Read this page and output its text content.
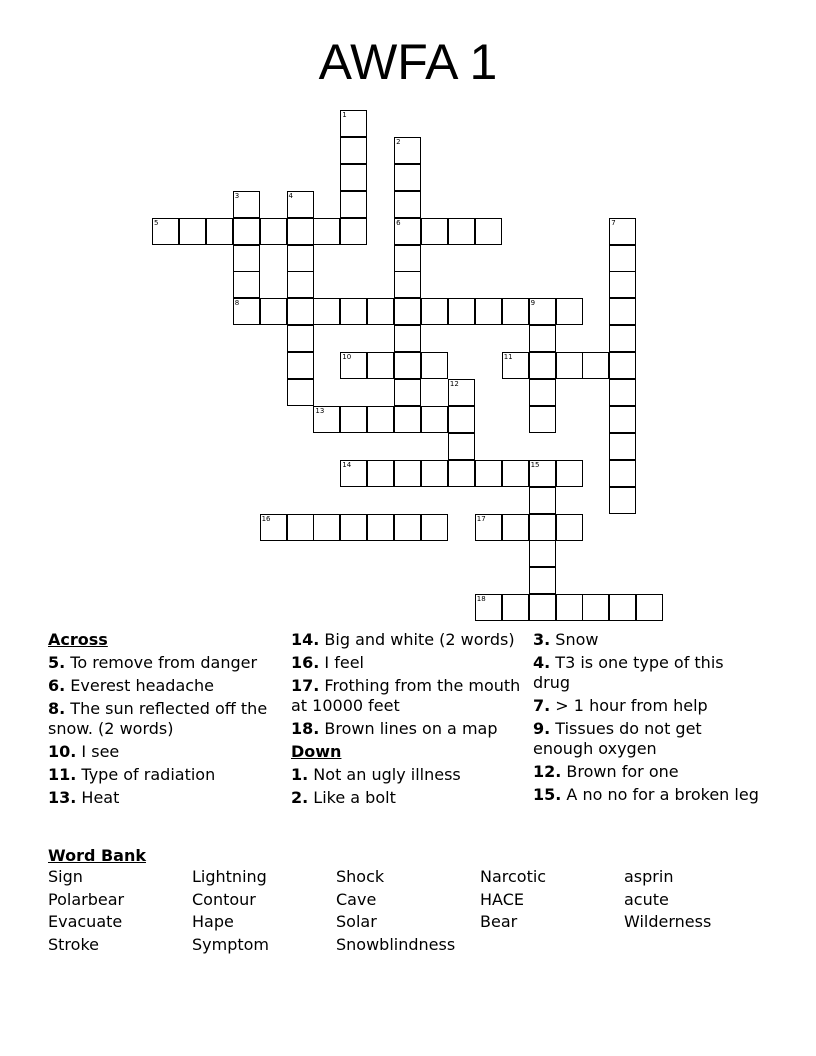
AWFA 1
1
2
6
3	4
5	7
8	9
10	11
12
13
14	15
16	17
18
Across
5. To remove from danger
6. Everest headache
8. The sun reflected off the snow. (2 words)
10. I see
11. Type of radiation
13. Heat
14. Big and white (2 words)
16. I feel
17. Frothing from the mouth at 10000 feet
18. Brown lines on a map
Down
1. Not an ugly illness
2. Like a bolt
3. Snow
4. T3 is one type of this drug
7. > 1 hour from help
9. Tissues do not get enough oxygen
12. Brown for one
15. A no no for a broken leg
Word Bank
Sign	Lightning	Shock	Narcotic	asprin
Polarbear	Contour	Cave	HACE	acute
Evacuate	Hape	Solar	Bear	Wilderness
Stroke	Symptom	Snowblindness
